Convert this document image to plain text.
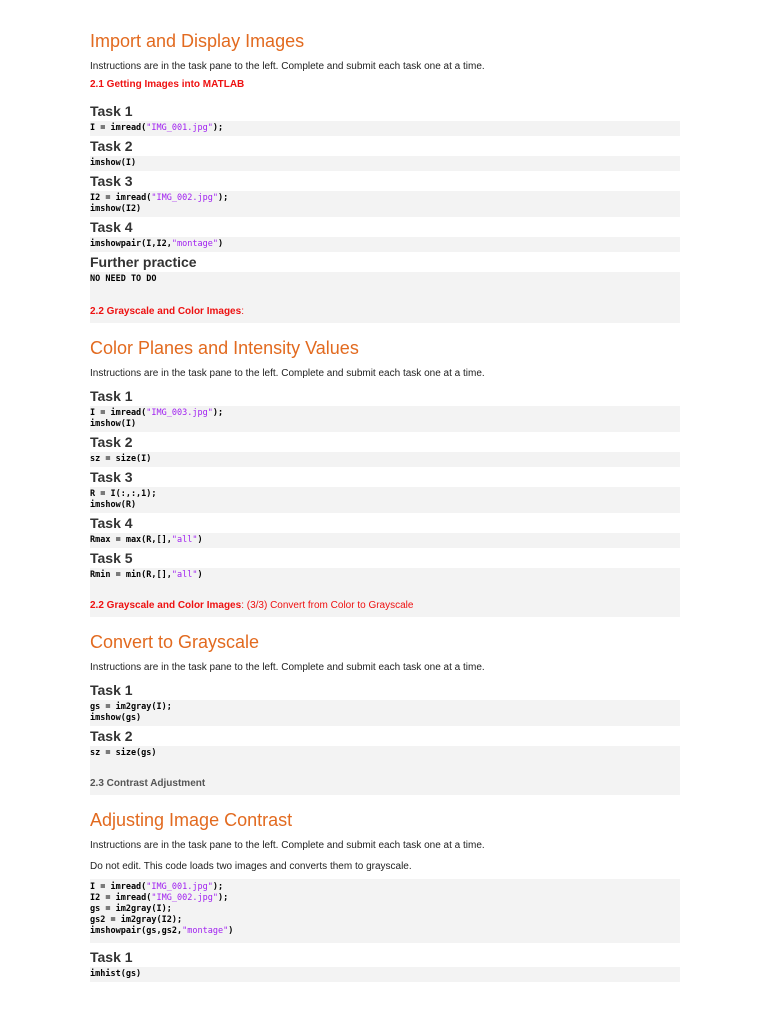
Import and Display Images
Instructions are in the task pane to the left. Complete and submit each task one at a time.
2.1 Getting Images into MATLAB
Task 1
I = imread("IMG_001.jpg");
Task 2
imshow(I)
Task 3
I2 = imread("IMG_002.jpg");
imshow(I2)
Task 4
imshowpair(I,I2,"montage")
Further practice
NO NEED TO DO
2.2 Grayscale and Color Images:
Color Planes and Intensity Values
Instructions are in the task pane to the left. Complete and submit each task one at a time.
Task 1
I = imread("IMG_003.jpg");
imshow(I)
Task 2
sz = size(I)
Task 3
R = I(:,:,1);
imshow(R)
Task 4
Rmax = max(R,[],"all")
Task 5
Rmin = min(R,[],"all")
2.2 Grayscale and Color Images: (3/3) Convert from Color to Grayscale
Convert to Grayscale
Instructions are in the task pane to the left. Complete and submit each task one at a time.
Task 1
gs = im2gray(I);
imshow(gs)
Task 2
sz = size(gs)
2.3 Contrast Adjustment
Adjusting Image Contrast
Instructions are in the task pane to the left. Complete and submit each task one at a time.
Do not edit. This code loads two images and converts them to grayscale.
I = imread("IMG_001.jpg");
I2 = imread("IMG_002.jpg");
gs = im2gray(I);
gs2 = im2gray(I2);
imshowpair(gs,gs2,"montage")
Task 1
imhist(gs)
